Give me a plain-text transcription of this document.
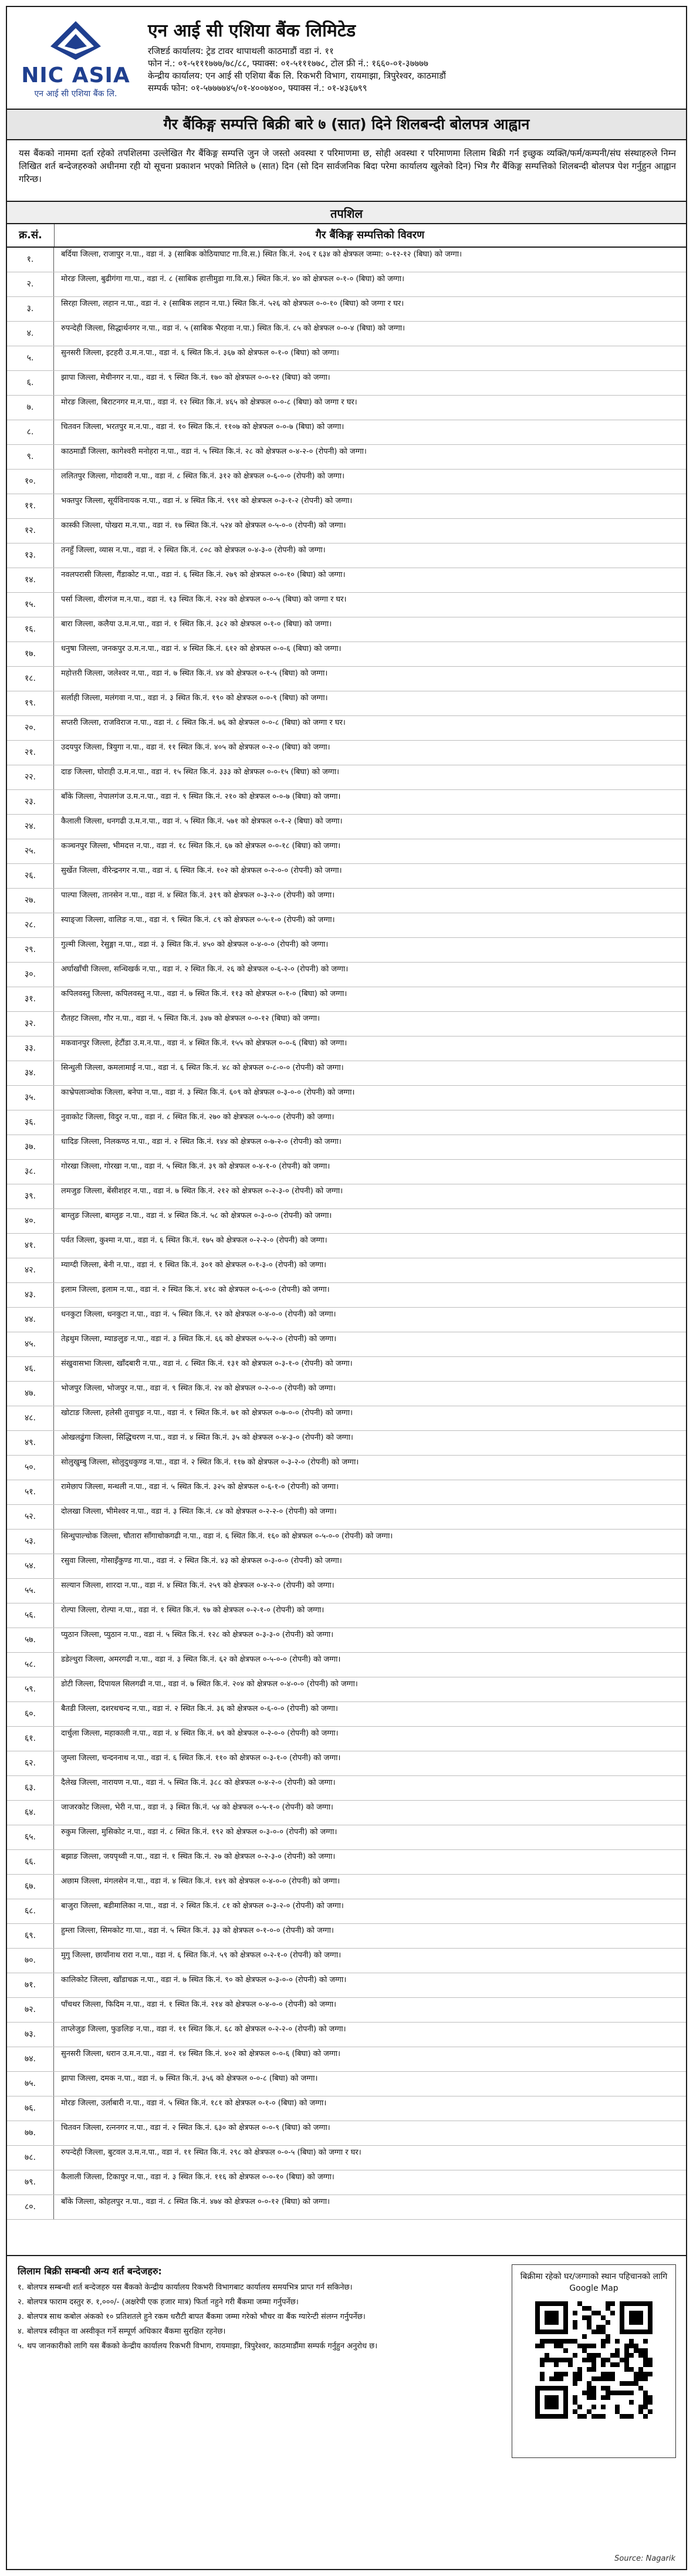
NIC ASIA
एन आई सी एशिया बैंक लि.
एन आई सी एशिया बैंक लिमिटेड
रजिष्टर्ड कार्यालय: ट्रेड टावर थापाथली काठमाडौं वडा नं. ११
फोन नं.: ०१-५१११७७७/७८/८८, फ्याक्स: ०१-५१११७७८, टोल फ्री नं.: १६६०-०१-३७७७७
केन्द्रीय कार्यालय: एन आई सी एशिया बैंक लि. रिकभरी विभाग, रायमाझा, त्रिपुरेश्वर, काठमाडौं
सम्पर्क फोन: ०१-५७७७७४५/०१-४००७४००, फ्याक्स नं.: ०१-४३६७९९
गैर बैंकिङ्ग सम्पत्ति बिक्री बारे ७ (सात) दिने शिलबन्दी बोलपत्र आह्वान
यस बैंकको नाममा दर्ता रहेको तपशिलमा उल्लेखित गैर बैंकिङ्ग सम्पत्ति जुन जे जस्तो अवस्था र परिमाणमा छ, सोही अवस्था र परिमाणमा लिलाम बिक्री गर्न इच्छुक व्यक्ति/फर्म/कम्पनी/संघ संस्थाहरुले निम्न लिखित शर्त बन्देजहरुको अधीनमा रही यो सूचना प्रकाशन भएको मितिले ७ (सात) दिन (सो दिन सार्वजनिक बिदा परेमा कार्यालय खुलेको दिन) भित्र गैर बैंकिङ्ग सम्पत्तिको शिलबन्दी बोलपत्र पेश गर्नुहुन आह्वान गरिन्छ।
तपशिल
क्र.सं.	गैर बैंकिङ्ग सम्पत्तिको विवरण
१.
बर्दिया जिल्ला, राजापुर न.पा., वडा नं. ३ (साबिक कोठियाघाट गा.वि.स.) स्थित कि.नं. २०६ र ६३४ को क्षेत्रफल जम्मा: ०-१२-१२ (बिघा) को जग्गा।
२.
मोरङ जिल्ला, बुढीगंगा गा.पा., वडा नं. ८ (साबिक हात्तीमुडा गा.वि.स.) स्थित कि.नं. ४० को क्षेत्रफल ०-१-० (बिघा) को जग्गा।
३.
सिरहा जिल्ला, लहान न.पा., वडा नं. २ (साबिक लहान न.पा.) स्थित कि.नं. ५२६ को क्षेत्रफल ०-०-१० (बिघा) को जग्गा र घर।
४.
रुपन्देही जिल्ला, सिद्धार्थनगर न.पा., वडा नं. ५ (साबिक भैरहवा न.पा.) स्थित कि.नं. ८५ को क्षेत्रफल ०-०-४ (बिघा) को जग्गा।
५.
सुनसरी जिल्ला, इटहरी उ.म.न.पा., वडा नं. ६ स्थित कि.नं. ३६७ को क्षेत्रफल ०-१-० (बिघा) को जग्गा।
६.
झापा जिल्ला, मेचीनगर न.पा., वडा नं. ९ स्थित कि.नं. १७० को क्षेत्रफल ०-०-१२ (बिघा) को जग्गा।
७.
मोरङ जिल्ला, बिराटनगर म.न.पा., वडा नं. १२ स्थित कि.नं. ४६५ को क्षेत्रफल ०-०-८ (बिघा) को जग्गा र घर।
८.
चितवन जिल्ला, भरतपुर म.न.पा., वडा नं. १० स्थित कि.नं. ११०७ को क्षेत्रफल ०-०-७ (बिघा) को जग्गा।
९.
काठमाडौं जिल्ला, कागेश्वरी मनोहरा न.पा., वडा नं. ५ स्थित कि.नं. २८ को क्षेत्रफल ०-४-२-० (रोपनी) को जग्गा।
१०.
ललितपुर जिल्ला, गोदावरी न.पा., वडा नं. ८ स्थित कि.नं. ३१२ को क्षेत्रफल ०-६-०-० (रोपनी) को जग्गा।
११.
भक्तपुर जिल्ला, सूर्यविनायक न.पा., वडा नं. ४ स्थित कि.नं. ९९१ को क्षेत्रफल ०-३-१-२ (रोपनी) को जग्गा।
१२.
कास्की जिल्ला, पोखरा म.न.पा., वडा नं. १७ स्थित कि.नं. ५२४ को क्षेत्रफल ०-५-०-० (रोपनी) को जग्गा।
१३.
तनहुँ जिल्ला, व्यास न.पा., वडा नं. २ स्थित कि.नं. ८०८ को क्षेत्रफल ०-४-३-० (रोपनी) को जग्गा।
१४.
नवलपरासी जिल्ला, गैंडाकोट न.पा., वडा नं. ६ स्थित कि.नं. २७९ को क्षेत्रफल ०-०-१० (बिघा) को जग्गा।
१५.
पर्सा जिल्ला, वीरगंज म.न.पा., वडा नं. १३ स्थित कि.नं. २२४ को क्षेत्रफल ०-०-५ (बिघा) को जग्गा र घर।
१६.
बारा जिल्ला, कलैया उ.म.न.पा., वडा नं. १ स्थित कि.नं. ३८२ को क्षेत्रफल ०-१-० (बिघा) को जग्गा।
१७.
धनुषा जिल्ला, जनकपुर उ.म.न.पा., वडा नं. ४ स्थित कि.नं. ६१२ को क्षेत्रफल ०-०-६ (बिघा) को जग्गा।
१८.
महोत्तरी जिल्ला, जलेश्वर न.पा., वडा नं. ७ स्थित कि.नं. ४४ को क्षेत्रफल ०-१-५ (बिघा) को जग्गा।
१९.
सर्लाही जिल्ला, मलंगवा न.पा., वडा नं. ३ स्थित कि.नं. १९० को क्षेत्रफल ०-०-९ (बिघा) को जग्गा।
२०.
सप्तरी जिल्ला, राजविराज न.पा., वडा नं. ८ स्थित कि.नं. ७६ को क्षेत्रफल ०-०-८ (बिघा) को जग्गा र घर।
२१.
उदयपुर जिल्ला, त्रियुगा न.पा., वडा नं. ११ स्थित कि.नं. ४०५ को क्षेत्रफल ०-२-० (बिघा) को जग्गा।
२२.
दाङ जिल्ला, घोराही उ.म.न.पा., वडा नं. १५ स्थित कि.नं. ३३३ को क्षेत्रफल ०-०-१५ (बिघा) को जग्गा।
२३.
बाँके जिल्ला, नेपालगंज उ.म.न.पा., वडा नं. ९ स्थित कि.नं. २१० को क्षेत्रफल ०-०-७ (बिघा) को जग्गा।
२४.
कैलाली जिल्ला, धनगढी उ.म.न.पा., वडा नं. ५ स्थित कि.नं. ५७१ को क्षेत्रफल ०-१-२ (बिघा) को जग्गा।
२५.
कञ्चनपुर जिल्ला, भीमदत्त न.पा., वडा नं. १८ स्थित कि.नं. ६७ को क्षेत्रफल ०-०-१८ (बिघा) को जग्गा।
२६.
सुर्खेत जिल्ला, वीरेन्द्रनगर न.पा., वडा नं. ६ स्थित कि.नं. १०२ को क्षेत्रफल ०-२-०-० (रोपनी) को जग्गा।
२७.
पाल्पा जिल्ला, तानसेन न.पा., वडा नं. ४ स्थित कि.नं. ३१९ को क्षेत्रफल ०-३-२-० (रोपनी) को जग्गा।
२८.
स्याङ्जा जिल्ला, वालिङ न.पा., वडा नं. ९ स्थित कि.नं. ८९ को क्षेत्रफल ०-५-१-० (रोपनी) को जग्गा।
२९.
गुल्मी जिल्ला, रेसुङ्गा न.पा., वडा नं. ३ स्थित कि.नं. ४५० को क्षेत्रफल ०-४-०-० (रोपनी) को जग्गा।
३०.
अर्घाखाँची जिल्ला, सन्धिखर्क न.पा., वडा नं. २ स्थित कि.नं. २६ को क्षेत्रफल ०-६-२-० (रोपनी) को जग्गा।
३१.
कपिलवस्तु जिल्ला, कपिलवस्तु न.पा., वडा नं. ७ स्थित कि.नं. ११३ को क्षेत्रफल ०-१-० (बिघा) को जग्गा।
३२.
रौतहट जिल्ला, गौर न.पा., वडा नं. ५ स्थित कि.नं. ३४७ को क्षेत्रफल ०-०-१२ (बिघा) को जग्गा।
३३.
मकवानपुर जिल्ला, हेटौंडा उ.म.न.पा., वडा नं. ४ स्थित कि.नं. १५५ को क्षेत्रफल ०-०-६ (बिघा) को जग्गा।
३४.
सिन्धुली जिल्ला, कमलामाई न.पा., वडा नं. ६ स्थित कि.नं. ४८ को क्षेत्रफल ०-८-०-० (रोपनी) को जग्गा।
३५.
काभ्रेपलाञ्चोक जिल्ला, बनेपा न.पा., वडा नं. ३ स्थित कि.नं. ६०९ को क्षेत्रफल ०-३-०-० (रोपनी) को जग्गा।
३६.
नुवाकोट जिल्ला, विदुर न.पा., वडा नं. ८ स्थित कि.नं. २७० को क्षेत्रफल ०-५-०-० (रोपनी) को जग्गा।
३७.
धादिङ जिल्ला, निलकण्ठ न.पा., वडा नं. २ स्थित कि.नं. १४४ को क्षेत्रफल ०-७-२-० (रोपनी) को जग्गा।
३८.
गोरखा जिल्ला, गोरखा न.पा., वडा नं. ५ स्थित कि.नं. ३९ को क्षेत्रफल ०-४-१-० (रोपनी) को जग्गा।
३९.
लमजुङ जिल्ला, बेंसीशहर न.पा., वडा नं. ७ स्थित कि.नं. २१२ को क्षेत्रफल ०-२-३-० (रोपनी) को जग्गा।
४०.
बाग्लुङ जिल्ला, बाग्लुङ न.पा., वडा नं. ४ स्थित कि.नं. ५८ को क्षेत्रफल ०-३-०-० (रोपनी) को जग्गा।
४१.
पर्वत जिल्ला, कुश्मा न.पा., वडा नं. ६ स्थित कि.नं. १७५ को क्षेत्रफल ०-२-२-० (रोपनी) को जग्गा।
४२.
म्याग्दी जिल्ला, बेनी न.पा., वडा नं. १ स्थित कि.नं. ३०१ को क्षेत्रफल ०-१-३-० (रोपनी) को जग्गा।
४३.
इलाम जिल्ला, इलाम न.पा., वडा नं. २ स्थित कि.नं. ४१८ को क्षेत्रफल ०-६-०-० (रोपनी) को जग्गा।
४४.
धनकुटा जिल्ला, धनकुटा न.पा., वडा नं. ५ स्थित कि.नं. ९२ को क्षेत्रफल ०-४-०-० (रोपनी) को जग्गा।
४५.
तेह्रथुम जिल्ला, म्याङलुङ न.पा., वडा नं. ३ स्थित कि.नं. ६६ को क्षेत्रफल ०-५-२-० (रोपनी) को जग्गा।
४६.
संखुवासभा जिल्ला, खाँदबारी न.पा., वडा नं. ८ स्थित कि.नं. १३१ को क्षेत्रफल ०-३-१-० (रोपनी) को जग्गा।
४७.
भोजपुर जिल्ला, भोजपुर न.पा., वडा नं. ९ स्थित कि.नं. २४ को क्षेत्रफल ०-२-०-० (रोपनी) को जग्गा।
४८.
खोटाङ जिल्ला, हलेसी तुवाचुङ न.पा., वडा नं. १ स्थित कि.नं. ७१ को क्षेत्रफल ०-७-०-० (रोपनी) को जग्गा।
४९.
ओखलढुंगा जिल्ला, सिद्धिचरण न.पा., वडा नं. ४ स्थित कि.नं. ३५ को क्षेत्रफल ०-४-३-० (रोपनी) को जग्गा।
५०.
सोलुखुम्बु जिल्ला, सोलुदुधकुण्ड न.पा., वडा नं. २ स्थित कि.नं. ११७ को क्षेत्रफल ०-३-२-० (रोपनी) को जग्गा।
५१.
रामेछाप जिल्ला, मन्थली न.पा., वडा नं. ५ स्थित कि.नं. ३२५ को क्षेत्रफल ०-६-१-० (रोपनी) को जग्गा।
५२.
दोलखा जिल्ला, भीमेश्वर न.पा., वडा नं. ३ स्थित कि.नं. ८४ को क्षेत्रफल ०-२-२-० (रोपनी) को जग्गा।
५३.
सिन्धुपाल्चोक जिल्ला, चौतारा साँगाचोकगढी न.पा., वडा नं. ६ स्थित कि.नं. १६० को क्षेत्रफल ०-५-०-० (रोपनी) को जग्गा।
५४.
रसुवा जिल्ला, गोसाइँकुण्ड गा.पा., वडा नं. २ स्थित कि.नं. ४३ को क्षेत्रफल ०-३-०-० (रोपनी) को जग्गा।
५५.
सल्यान जिल्ला, शारदा न.पा., वडा नं. ४ स्थित कि.नं. २५९ को क्षेत्रफल ०-४-२-० (रोपनी) को जग्गा।
५६.
रोल्पा जिल्ला, रोल्पा न.पा., वडा नं. १ स्थित कि.नं. ९७ को क्षेत्रफल ०-२-१-० (रोपनी) को जग्गा।
५७.
प्युठान जिल्ला, प्युठान न.पा., वडा नं. ५ स्थित कि.नं. १२८ को क्षेत्रफल ०-३-३-० (रोपनी) को जग्गा।
५८.
डडेल्धुरा जिल्ला, अमरगढी न.पा., वडा नं. ३ स्थित कि.नं. ६२ को क्षेत्रफल ०-५-०-० (रोपनी) को जग्गा।
५९.
डोटी जिल्ला, दिपायल सिलगढी न.पा., वडा नं. ७ स्थित कि.नं. २०४ को क्षेत्रफल ०-४-०-० (रोपनी) को जग्गा।
६०.
बैतडी जिल्ला, दशरथचन्द न.पा., वडा नं. २ स्थित कि.नं. ३६ को क्षेत्रफल ०-६-०-० (रोपनी) को जग्गा।
६१.
दार्चुला जिल्ला, महाकाली न.पा., वडा नं. ४ स्थित कि.नं. ७९ को क्षेत्रफल ०-२-०-० (रोपनी) को जग्गा।
६२.
जुम्ला जिल्ला, चन्दननाथ न.पा., वडा नं. ६ स्थित कि.नं. ११० को क्षेत्रफल ०-३-१-० (रोपनी) को जग्गा।
६३.
दैलेख जिल्ला, नारायण न.पा., वडा नं. ५ स्थित कि.नं. ३८८ को क्षेत्रफल ०-४-२-० (रोपनी) को जग्गा।
६४.
जाजरकोट जिल्ला, भेरी न.पा., वडा नं. ३ स्थित कि.नं. ५४ को क्षेत्रफल ०-५-१-० (रोपनी) को जग्गा।
६५.
रुकुम जिल्ला, मुसिकोट न.पा., वडा नं. ८ स्थित कि.नं. १९२ को क्षेत्रफल ०-३-०-० (रोपनी) को जग्गा।
६६.
बझाङ जिल्ला, जयपृथ्वी न.पा., वडा नं. १ स्थित कि.नं. २७ को क्षेत्रफल ०-२-३-० (रोपनी) को जग्गा।
६७.
अछाम जिल्ला, मंगलसेन न.पा., वडा नं. ४ स्थित कि.नं. १४९ को क्षेत्रफल ०-४-०-० (रोपनी) को जग्गा।
६८.
बाजुरा जिल्ला, बडीमालिका न.पा., वडा नं. २ स्थित कि.नं. ८१ को क्षेत्रफल ०-३-२-० (रोपनी) को जग्गा।
६९.
हुम्ला जिल्ला, सिमकोट गा.पा., वडा नं. ५ स्थित कि.नं. ३३ को क्षेत्रफल ०-१-०-० (रोपनी) को जग्गा।
७०.
मुगु जिल्ला, छायाँनाथ रारा न.पा., वडा नं. ६ स्थित कि.नं. ५९ को क्षेत्रफल ०-२-१-० (रोपनी) को जग्गा।
७१.
कालिकोट जिल्ला, खाँडाचक्र न.पा., वडा नं. ७ स्थित कि.नं. ९० को क्षेत्रफल ०-३-०-० (रोपनी) को जग्गा।
७२.
पाँचथर जिल्ला, फिदिम न.पा., वडा नं. १ स्थित कि.नं. २१४ को क्षेत्रफल ०-४-०-० (रोपनी) को जग्गा।
७३.
ताप्लेजुङ जिल्ला, फुङलिङ न.पा., वडा नं. ११ स्थित कि.नं. ६८ को क्षेत्रफल ०-२-२-० (रोपनी) को जग्गा।
७४.
सुनसरी जिल्ला, धरान उ.म.न.पा., वडा नं. १४ स्थित कि.नं. ४०२ को क्षेत्रफल ०-०-६ (बिघा) को जग्गा।
७५.
झापा जिल्ला, दमक न.पा., वडा नं. ७ स्थित कि.नं. ३५६ को क्षेत्रफल ०-०-८ (बिघा) को जग्गा।
७६.
मोरङ जिल्ला, उर्लाबारी न.पा., वडा नं. ५ स्थित कि.नं. १८१ को क्षेत्रफल ०-१-० (बिघा) को जग्गा।
७७.
चितवन जिल्ला, रत्ननगर न.पा., वडा नं. २ स्थित कि.नं. ६३० को क्षेत्रफल ०-०-९ (बिघा) को जग्गा।
७८.
रुपन्देही जिल्ला, बुटवल उ.म.न.पा., वडा नं. ११ स्थित कि.नं. २९८ को क्षेत्रफल ०-०-५ (बिघा) को जग्गा र घर।
७९.
कैलाली जिल्ला, टिकापुर न.पा., वडा नं. ३ स्थित कि.नं. ११६ को क्षेत्रफल ०-०-१० (बिघा) को जग्गा।
८०.
बाँके जिल्ला, कोहलपुर न.पा., वडा नं. ८ स्थित कि.नं. ४७४ को क्षेत्रफल ०-०-१२ (बिघा) को जग्गा।
लिलाम बिक्री सम्बन्धी अन्य शर्त बन्देजहरु:
१. बोलपत्र सम्बन्धी शर्त बन्देजहरु यस बैंकको केन्द्रीय कार्यालय रिकभरी विभागबाट कार्यालय समयभित्र प्राप्त गर्न सकिनेछ।
२. बोलपत्र फाराम दस्तुर रु. १,०००/- (अक्षरेपी एक हजार मात्र) फिर्ता नहुने गरी बैंकमा जम्मा गर्नुपर्नेछ।
३. बोलपत्र साथ कबोल अंकको १० प्रतिशतले हुने रकम धरौटी बापत बैंकमा जम्मा गरेको भौचर वा बैंक ग्यारेन्टी संलग्न गर्नुपर्नेछ।
४. बोलपत्र स्वीकृत वा अस्वीकृत गर्ने सम्पूर्ण अधिकार बैंकमा सुरक्षित रहनेछ।
५. थप जानकारीको लागि यस बैंकको केन्द्रीय कार्यालय रिकभरी विभाग, रायमाझा, त्रिपुरेश्वर, काठमाडौंमा सम्पर्क गर्नुहुन अनुरोध छ।
बिक्रीमा रहेको घर/जग्गाको स्थान पहिचानको लागि Google Map
Source: Nagarik
